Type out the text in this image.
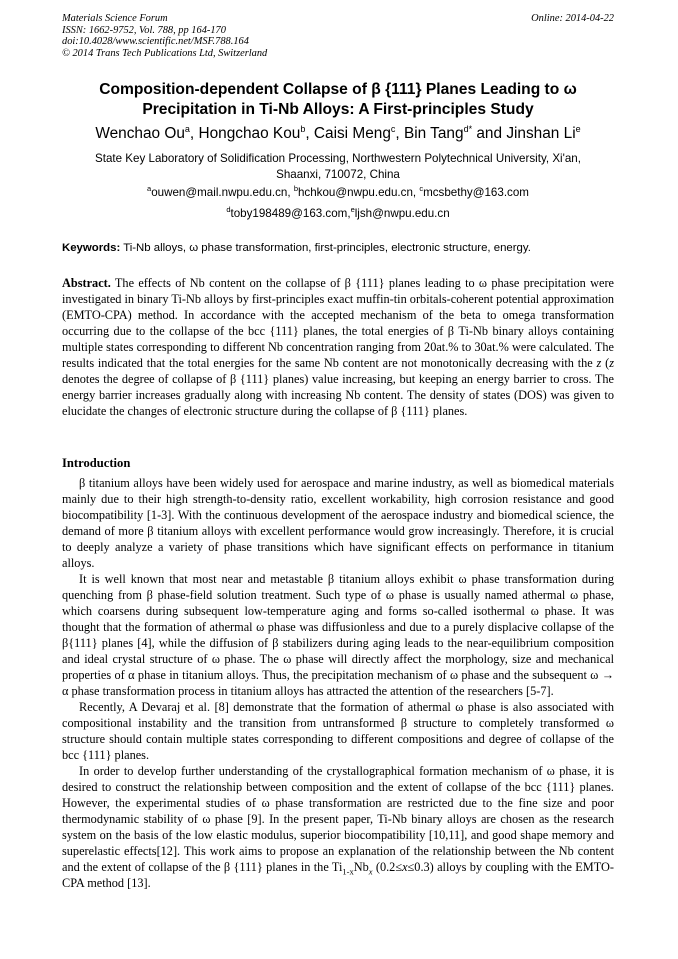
Materials Science Forum
ISSN: 1662-9752, Vol. 788, pp 164-170
doi:10.4028/www.scientific.net/MSF.788.164
© 2014 Trans Tech Publications Ltd, Switzerland
Online: 2014-04-22
Composition-dependent Collapse of β {111} Planes Leading to ω
Precipitation in Ti-Nb Alloys: A First-principles Study
Wenchao Ou$^a$, Hongchao Kou$^b$, Caisi Meng$^c$, Bin Tang$^{d*}$ and Jinshan Li$^e$
State Key Laboratory of Solidification Processing, Northwestern Polytechnical University, Xi'an,
Shaanxi, 710072, China
$^a$ouwen@mail.nwpu.edu.cn, $^b$hchkou@nwpu.edu.cn, $^c$mcsbethy@163.com
$^d$toby198489@163.com,$^e$ljsh@nwpu.edu.cn
Keywords: Ti-Nb alloys, ω phase transformation, first-principles, electronic structure, energy.
Abstract. The effects of Nb content on the collapse of β {111} planes leading to ω phase precipitation were investigated in binary Ti-Nb alloys by first-principles exact muffin-tin orbitals-coherent potential approximation (EMTO-CPA) method. In accordance with the accepted mechanism of the beta to omega transformation occurring due to the collapse of the bcc {111} planes, the total energies of β Ti-Nb binary alloys containing multiple states corresponding to different Nb concentration ranging from 20at.% to 30at.% were calculated. The results indicated that the total energies for the same Nb content are not monotonically decreasing with the z (z denotes the degree of collapse of β {111} planes) value increasing, but keeping an energy barrier to cross. The energy barrier increases gradually along with increasing Nb content. The density of states (DOS) was given to elucidate the changes of electronic structure during the collapse of β {111} planes.
Introduction

β titanium alloys have been widely used for aerospace and marine industry, as well as biomedical materials mainly due to their high strength-to-density ratio, excellent workability, high corrosion resistance and good biocompatibility [1-3]. With the continuous development of the aerospace industry and biomedical science, the demand of more β titanium alloys with excellent performance would grow increasingly. Therefore, it is crucial to deeply analyze a variety of phase transitions which have significant effects on performance in titanium alloys.

It is well known that most near and metastable β titanium alloys exhibit ω phase transformation during quenching from β phase-field solution treatment. Such type of ω phase is usually named athermal ω phase, which coarsens during subsequent low-temperature aging and forms so-called isothermal ω phase. It was thought that the formation of athermal ω phase was diffusionless and due to a purely displacive collapse of the β{111} planes [4], while the diffusion of β stabilizers during aging leads to the near-equilibrium composition and ideal crystal structure of ω phase. The ω phase will directly affect the morphology, size and mechanical properties of α phase in titanium alloys. Thus, the precipitation mechanism of ω phase and the subsequent ω → α phase transformation process in titanium alloys has attracted the attention of the researchers [5-7].

Recently, A Devaraj et al. [8] demonstrate that the formation of athermal ω phase is also associated with compositional instability and the transition from untransformed β structure to completely transformed ω structure should contain multiple states corresponding to different compositions and degree of collapse of the bcc {111} planes.

In order to develop further understanding of the crystallographical formation mechanism of ω phase, it is desired to construct the relationship between composition and the extent of collapse of the bcc {111} planes. However, the experimental studies of ω phase transformation are restricted due to the fine size and poor thermodynamic stability of ω phase [9]. In the present paper, Ti-Nb binary alloys are chosen as the research system on the basis of the low elastic modulus, superior biocompatibility [10,11], and good shape memory and superelastic effects[12]. This work aims to propose an explanation of the relationship between the Nb content and the extent of collapse of the β {111} planes in the $Ti_{1-x}Nb_x$ (0.2≤x≤0.3) alloys by coupling with the EMTO-CPA method [13].
